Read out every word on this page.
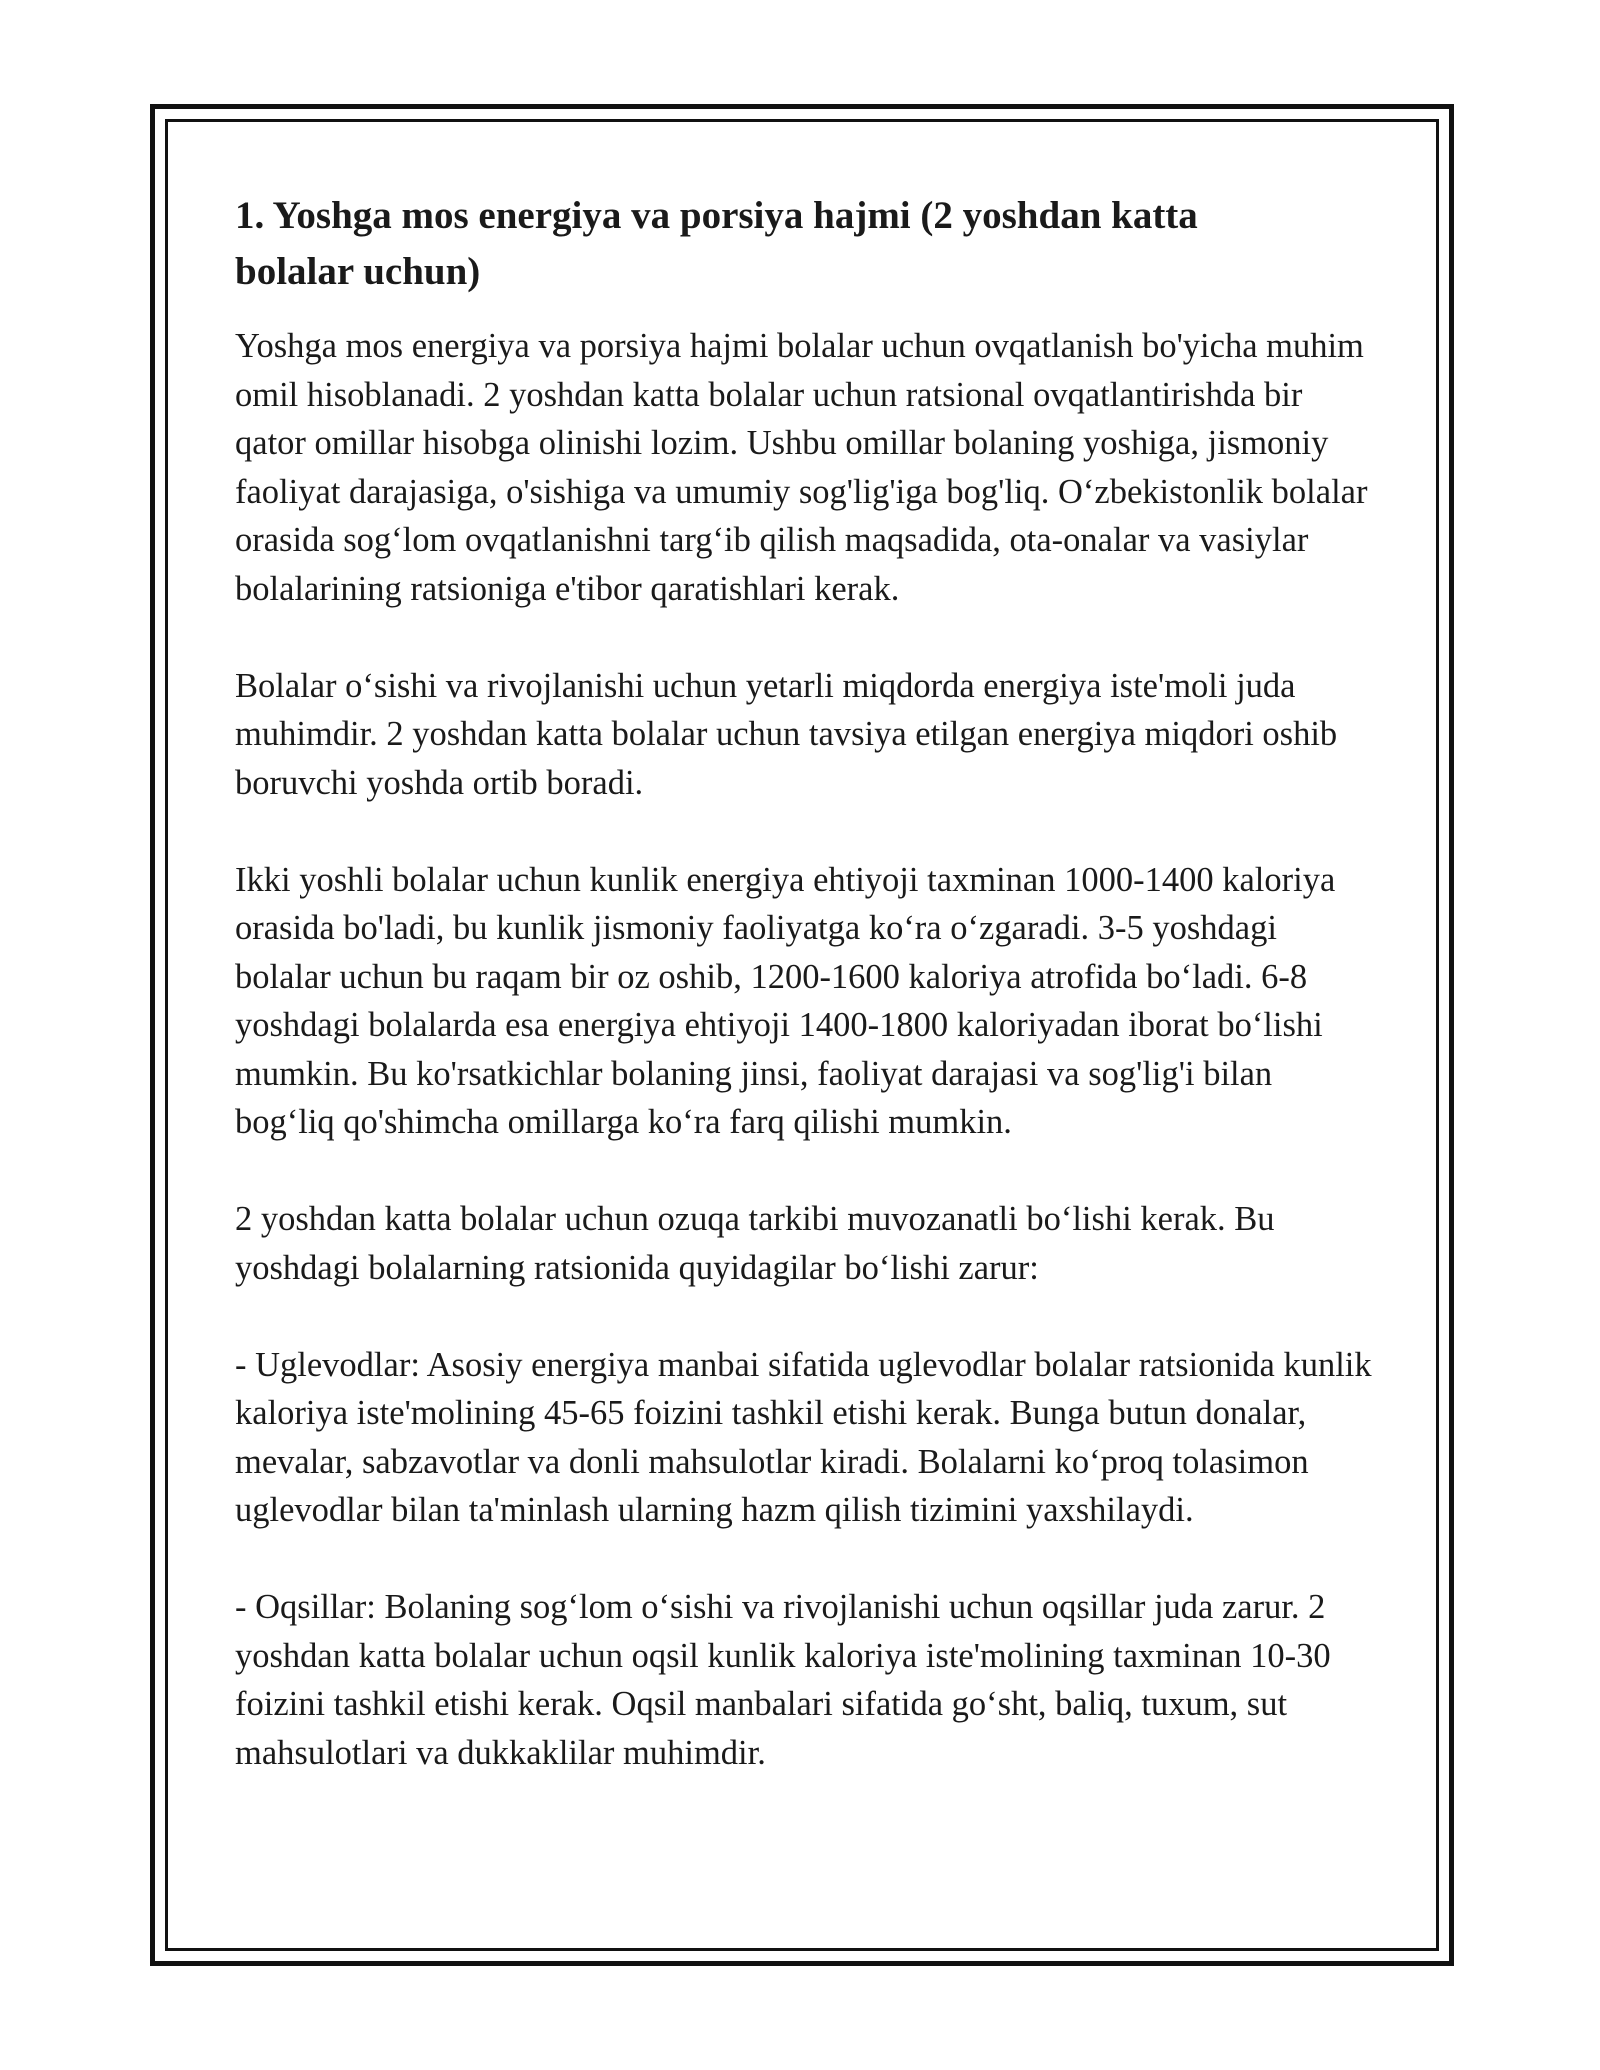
1. Yoshga mos energiya va porsiya hajmi (2 yoshdan katta bolalar uchun)

Yoshga mos energiya va porsiya hajmi bolalar uchun ovqatlanish bo'yicha muhim omil hisoblanadi. 2 yoshdan katta bolalar uchun ratsional ovqatlantirishda bir qator omillar hisobga olinishi lozim. Ushbu omillar bolaning yoshiga, jismoniy faoliyat darajasiga, o'sishiga va umumiy sog'lig'iga bog'liq. O‘zbekistonlik bolalar orasida sog‘lom ovqatlanishni targ‘ib qilish maqsadida, ota-onalar va vasiylar bolalarining ratsioniga e'tibor qaratishlari kerak.

Bolalar o‘sishi va rivojlanishi uchun yetarli miqdorda energiya iste'moli juda muhimdir. 2 yoshdan katta bolalar uchun tavsiya etilgan energiya miqdori oshib boruvchi yoshda ortib boradi.

Ikki yoshli bolalar uchun kunlik energiya ehtiyoji taxminan 1000-1400 kaloriya orasida bo'ladi, bu kunlik jismoniy faoliyatga ko‘ra o‘zgaradi. 3-5 yoshdagi bolalar uchun bu raqam bir oz oshib, 1200-1600 kaloriya atrofida bo‘ladi. 6-8 yoshdagi bolalarda esa energiya ehtiyoji 1400-1800 kaloriyadan iborat bo‘lishi mumkin. Bu ko'rsatkichlar bolaning jinsi, faoliyat darajasi va sog'lig'i bilan bog‘liq qo'shimcha omillarga ko‘ra farq qilishi mumkin.

2 yoshdan katta bolalar uchun ozuqa tarkibi muvozanatli bo‘lishi kerak. Bu yoshdagi bolalarning ratsionida quyidagilar bo‘lishi zarur:

- Uglevodlar: Asosiy energiya manbai sifatida uglevodlar bolalar ratsionida kunlik kaloriya iste'molining 45-65 foizini tashkil etishi kerak. Bunga butun donalar, mevalar, sabzavotlar va donli mahsulotlar kiradi. Bolalarni ko‘proq tolasimon uglevodlar bilan ta'minlash ularning hazm qilish tizimini yaxshilaydi.

- Oqsillar: Bolaning sog‘lom o‘sishi va rivojlanishi uchun oqsillar juda zarur. 2 yoshdan katta bolalar uchun oqsil kunlik kaloriya iste'molining taxminan 10-30 foizini tashkil etishi kerak. Oqsil manbalari sifatida go‘sht, baliq, tuxum, sut mahsulotlari va dukkaklilar muhimdir.
